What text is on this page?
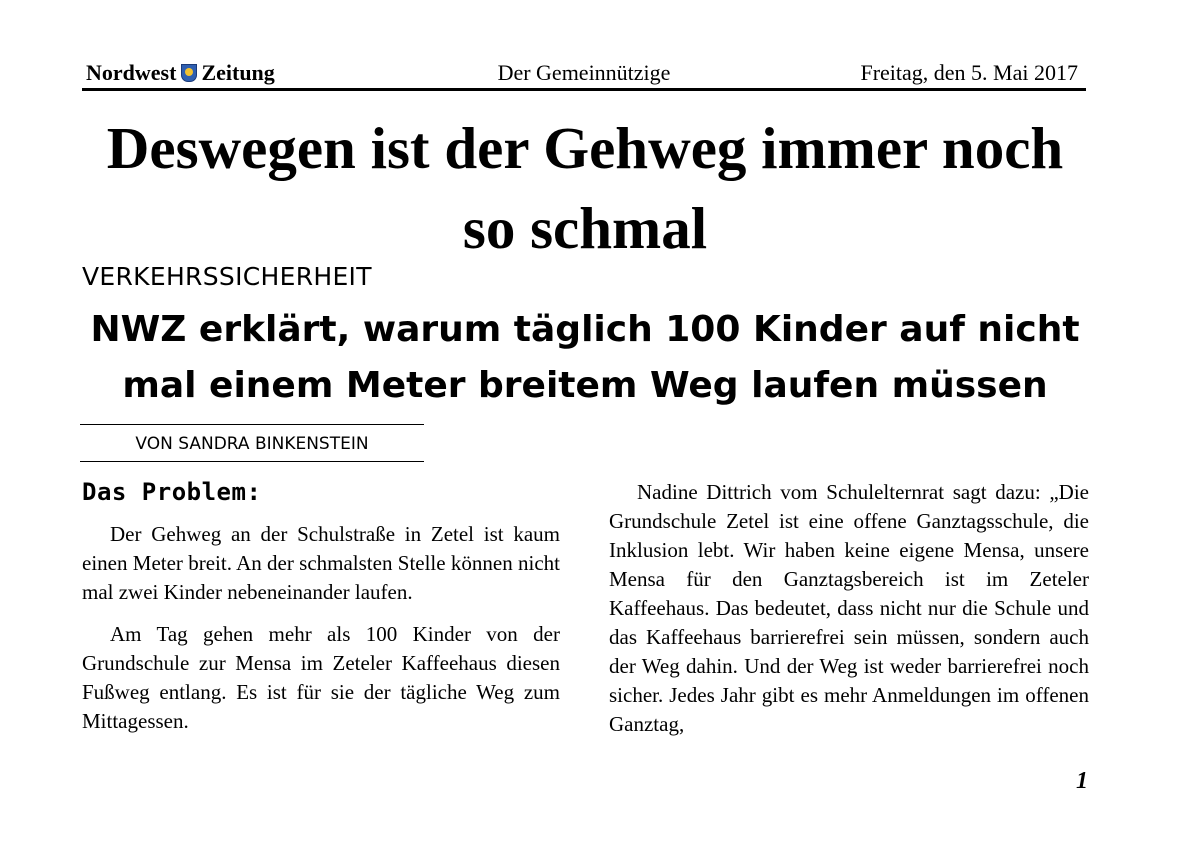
Nordwest Zeitung	Der Gemeinnützige	Freitag, den 5. Mai 2017
Deswegen ist der Gehweg immer noch so schmal
VERKEHRSSICHERHEIT
NWZ erklärt, warum täglich 100 Kinder auf nicht mal einem Meter breitem Weg laufen müssen
VON SANDRA BINKENSTEIN
Das Problem:

Der Gehweg an der Schulstraße in Zetel ist kaum einen Meter breit. An der schmalsten Stelle können nicht mal zwei Kinder nebeneinander laufen.

Am Tag gehen mehr als 100 Kinder von der Grundschule zur Mensa im Zeteler Kaffeehaus diesen Fußweg entlang. Es ist für sie der tägliche Weg zum Mittagessen.

Nadine Dittrich vom Schulelternrat sagt dazu: „Die Grundschule Zetel ist eine offene Ganztagsschule, die Inklusion lebt. Wir haben keine eigene Mensa, unsere Mensa für den Ganztagsbereich ist im Zeteler Kaffeehaus. Das bedeutet, dass nicht nur die Schule und das Kaffeehaus barrierefrei sein müssen, sondern auch der Weg dahin. Und der Weg ist weder barrierefrei noch sicher. Jedes Jahr gibt es mehr Anmeldungen im offenen Ganztag,

1
